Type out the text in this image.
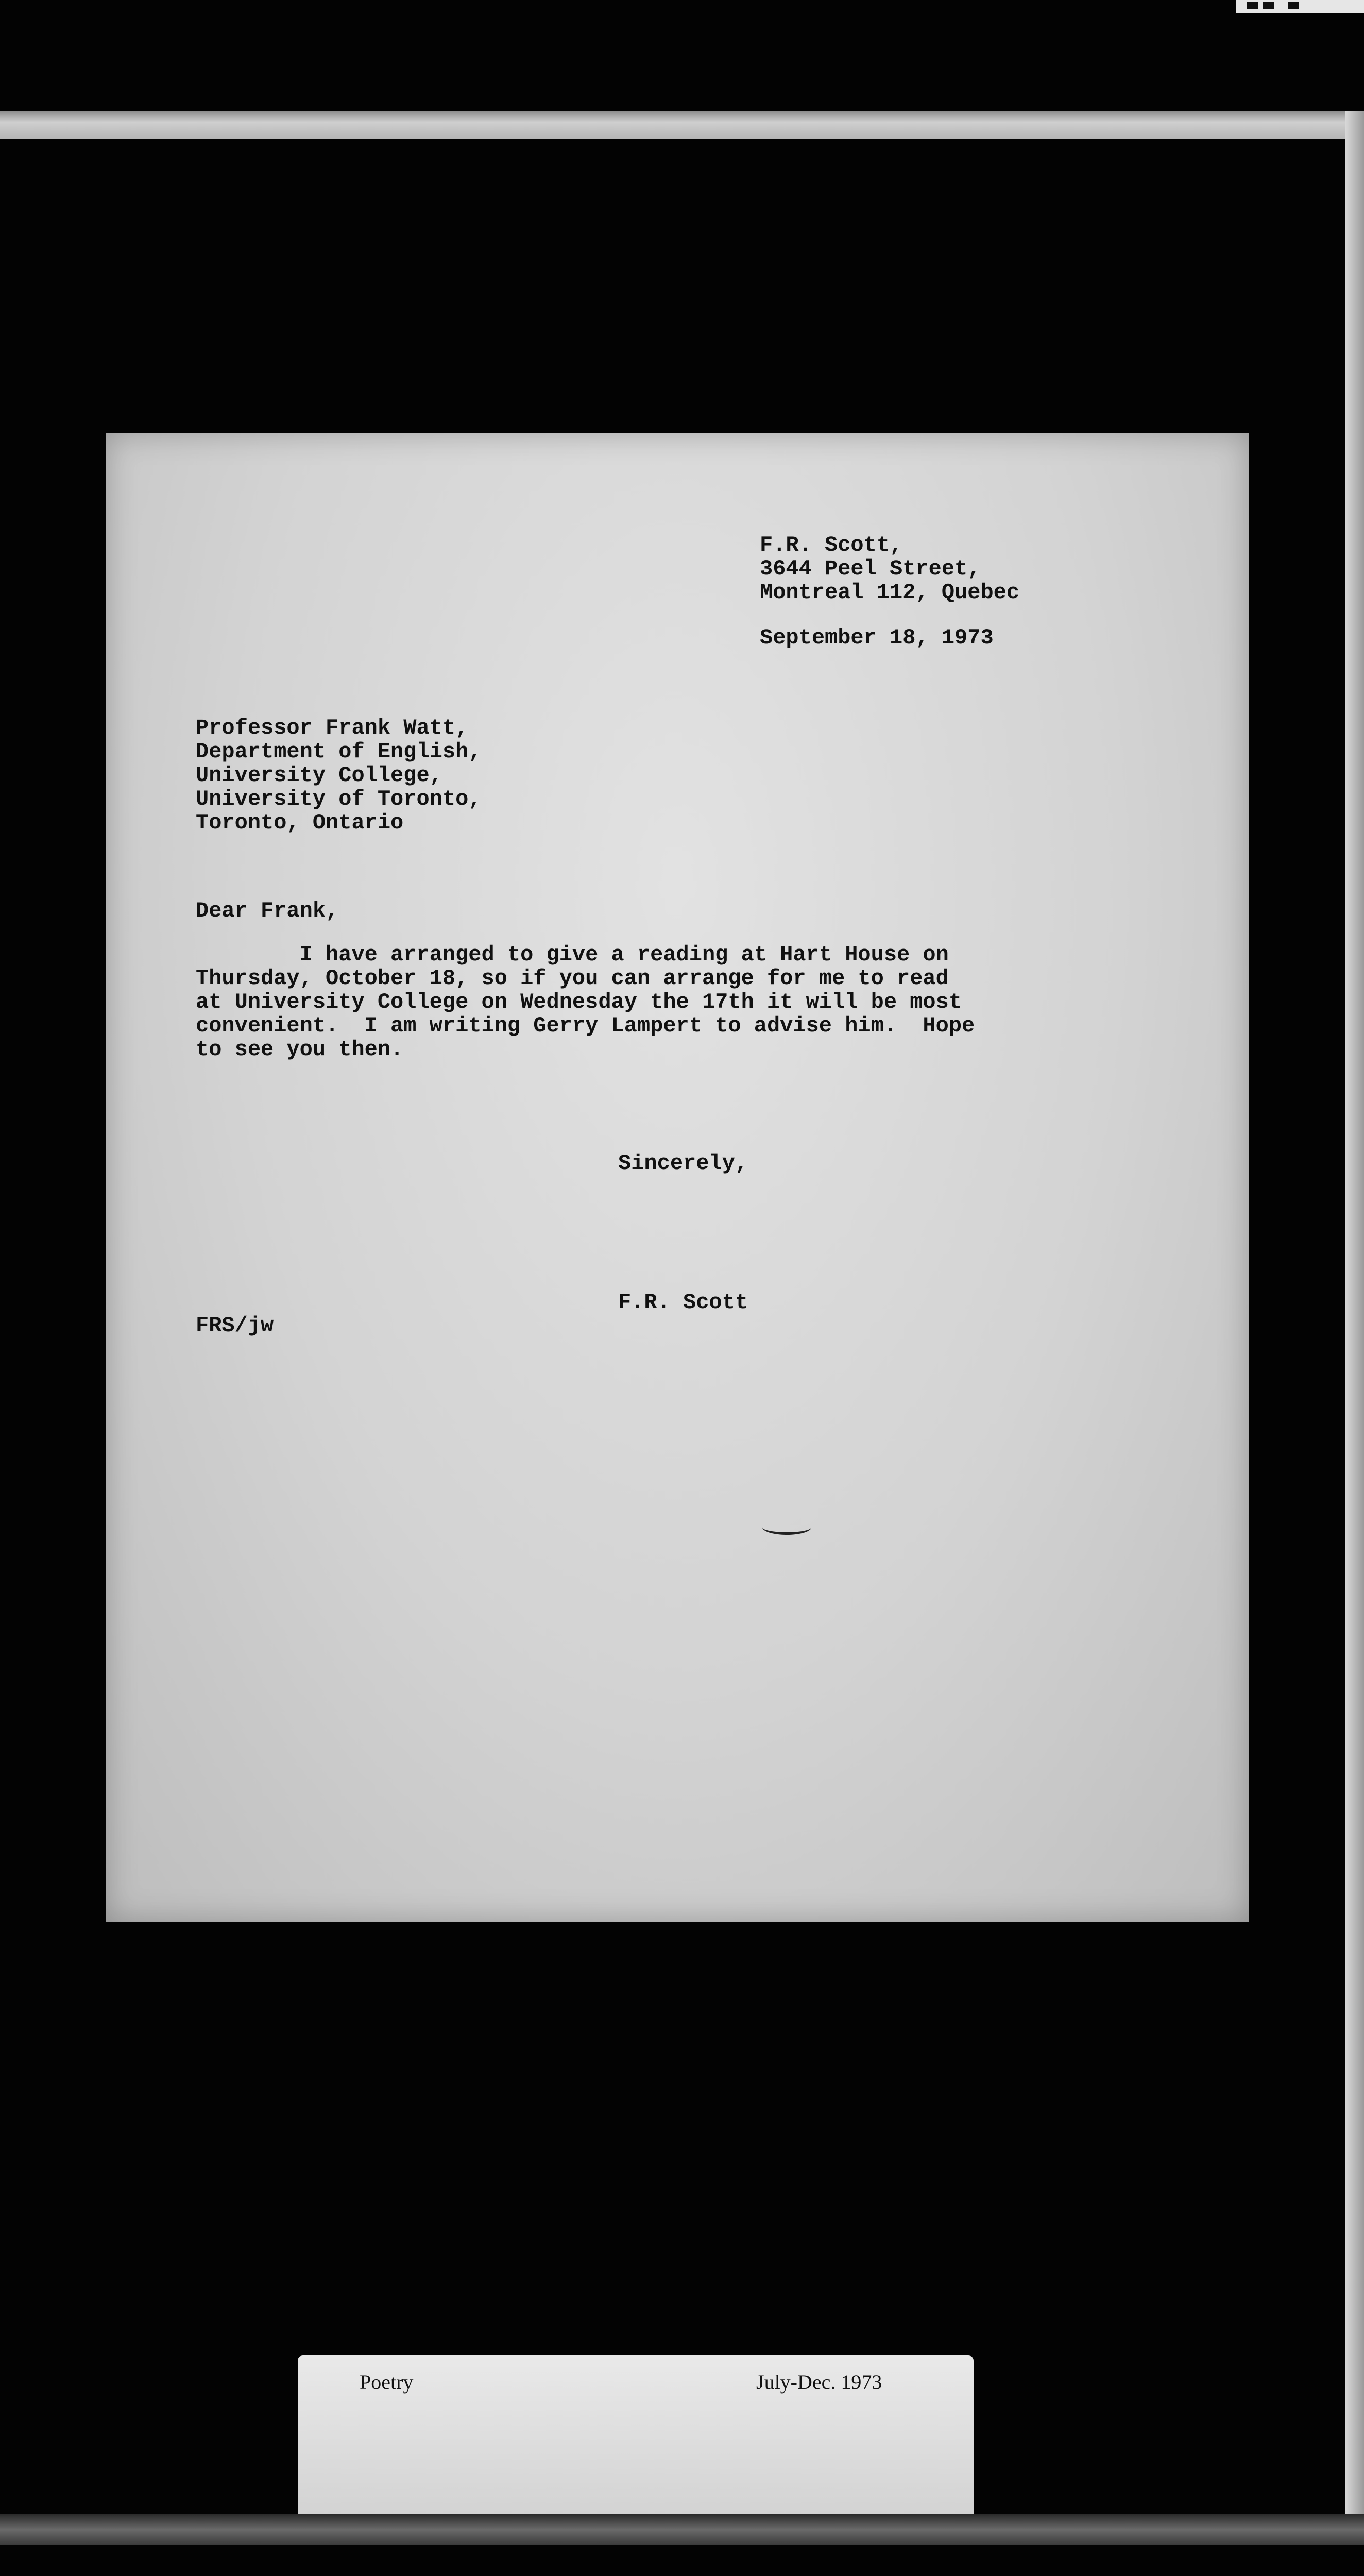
F.R. Scott,
3644 Peel Street,
Montreal 112, Quebec
September 18, 1973
Professor Frank Watt,
Department of English,
University College,
University of Toronto,
Toronto, Ontario
Dear Frank,
I have arranged to give a reading at Hart House on
Thursday, October 18, so if you can arrange for me to read
at University College on Wednesday the 17th it will be most
convenient.  I am writing Gerry Lampert to advise him.  Hope
to see you then.
Sincerely,
F.R. Scott
FRS/jw
Poetry	July-Dec. 1973
